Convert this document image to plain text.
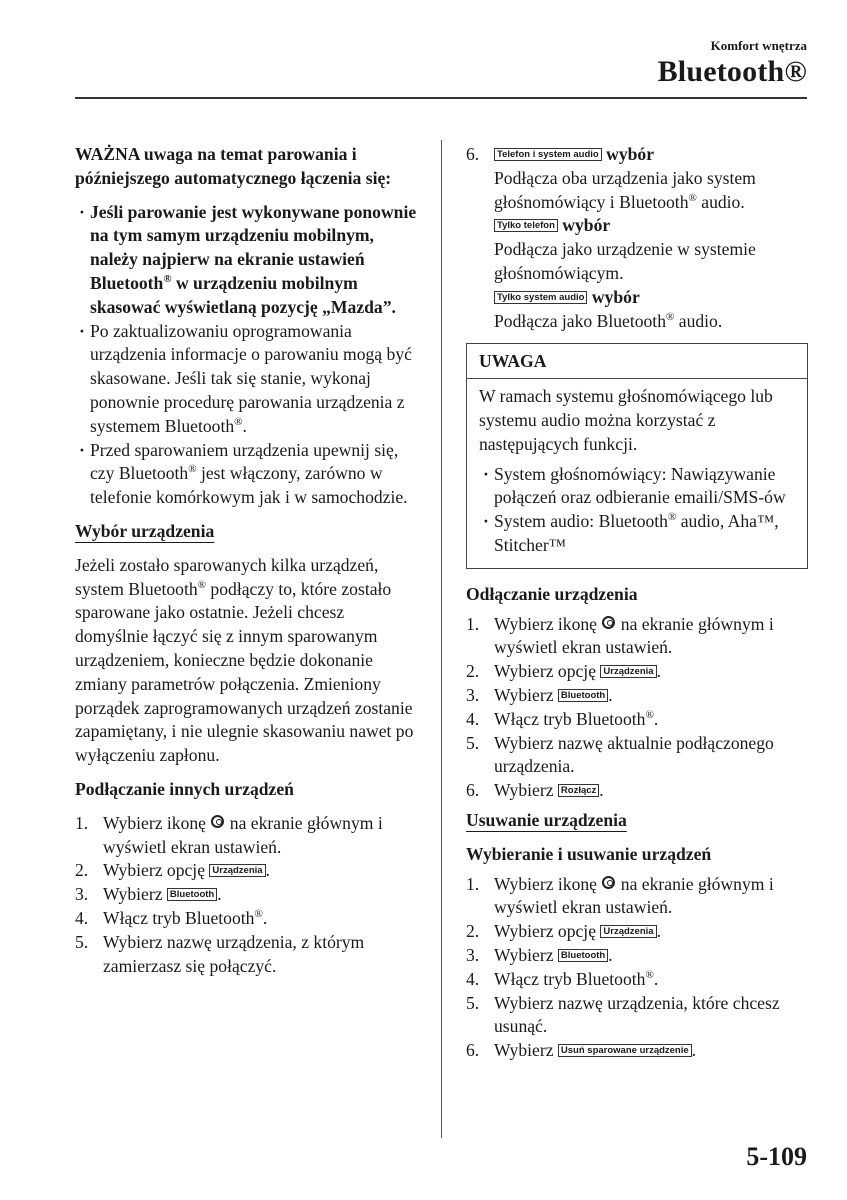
Komfort wnętrza
Bluetooth®

WAŻNA uwaga na temat parowania i późniejszego automatycznego łączenia się:

· Jeśli parowanie jest wykonywane ponownie na tym samym urządzeniu mobilnym, należy najpierw na ekranie ustawień Bluetooth® w urządzeniu mobilnym skasować wyświetlaną pozycję „Mazda”.

· Po zaktualizowaniu oprogramowania urządzenia informacje o parowaniu mogą być skasowane. Jeśli tak się stanie, wykonaj ponownie procedurę parowania urządzenia z systemem Bluetooth®.

· Przed sparowaniem urządzenia upewnij się, czy Bluetooth® jest włączony, zarówno w telefonie komórkowym jak i w samochodzie.

Wybór urządzenia

Jeżeli zostało sparowanych kilka urządzeń, system Bluetooth® podłączy to, które zostało sparowane jako ostatnie. Jeżeli chcesz domyślnie łączyć się z innym sparowanym urządzeniem, konieczne będzie dokonanie zmiany parametrów połączenia. Zmieniony porządek zaprogramowanych urządzeń zostanie zapamiętany, i nie ulegnie skasowaniu nawet po wyłączeniu zapłonu.

Podłączanie innych urządzeń

1. Wybierz ikonę  na ekranie głównym i wyświetl ekran ustawień.

2. Wybierz opcję Urządzenia .

3. Wybierz Bluetooth .

4. Włącz tryb Bluetooth®.

5. Wybierz nazwę urządzenia, z którym zamierzasz się połączyć.

6. Telefon i system audio wybór

Podłącza oba urządzenia jako system głośnomówiący i Bluetooth® audio.

Tylko telefon wybór

Podłącza jako urządzenie w systemie głośnomówiącym.

Tylko system audio wybór

Podłącza jako Bluetooth® audio.

UWAGA

W ramach systemu głośnomówiącego lub systemu audio można korzystać z następujących funkcji.

· System głośnomówiący: Nawiązywanie połączeń oraz odbieranie emaili/SMS-ów

· System audio: Bluetooth® audio, Aha™, Stitcher™

Odłączanie urządzenia

1. Wybierz ikonę  na ekranie głównym i wyświetl ekran ustawień.

2. Wybierz opcję Urządzenia .

3. Wybierz Bluetooth .

4. Włącz tryb Bluetooth®.

5. Wybierz nazwę aktualnie podłączonego urządzenia.

6. Wybierz Rozłącz .

Usuwanie urządzenia

Wybieranie i usuwanie urządzeń

1. Wybierz ikonę  na ekranie głównym i wyświetl ekran ustawień.

2. Wybierz opcję Urządzenia .

3. Wybierz Bluetooth .

4. Włącz tryb Bluetooth®.

5. Wybierz nazwę urządzenia, które chcesz usunąć.

6. Wybierz Usuń sparowane urządzenie .

5-109
